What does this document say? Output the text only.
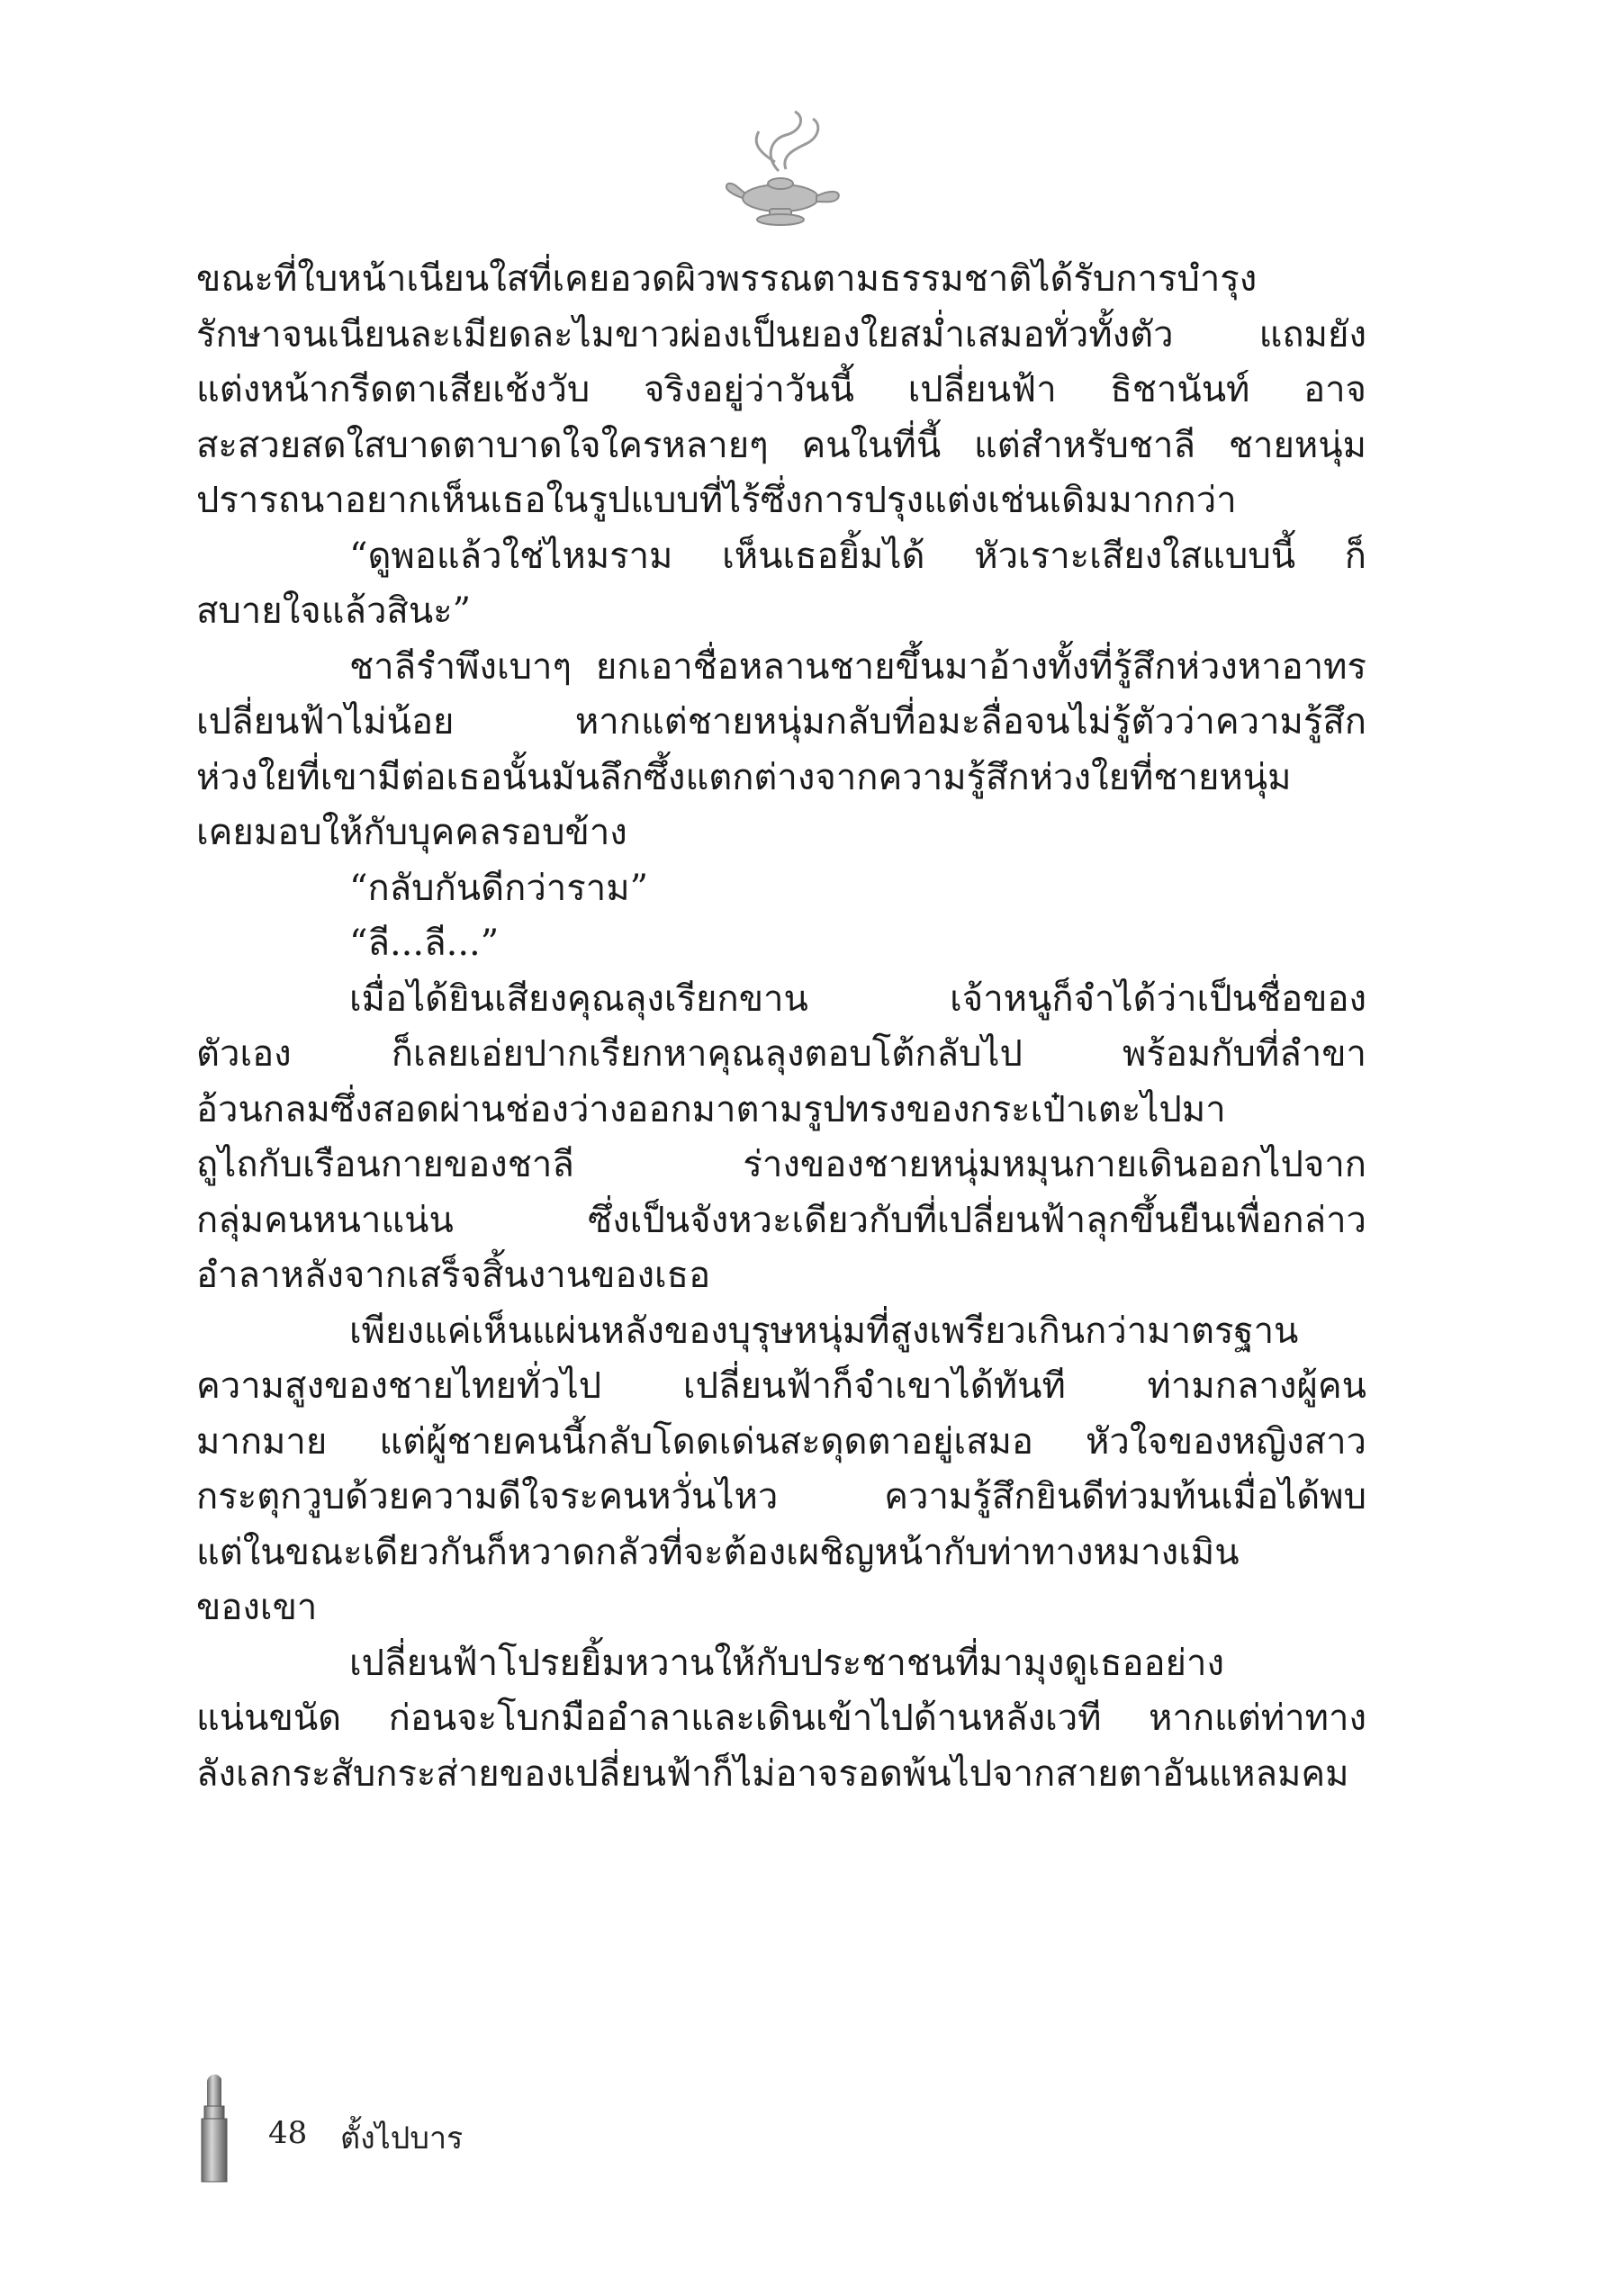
ขณะที่ใบหน้าเนียนใสที่เคยอวดผิวพรรณตามธรรมชาติได้รับการบำรุง
รักษาจนเนียนละเมียดละไมขาวผ่องเป็นยองใยสม่ำเสมอทั่วทั้งตัว แถมยัง
แต่งหน้ากรีดตาเสียเช้งวับ จริงอยู่ว่าวันนี้ เปลี่ยนฟ้า ธิชานันท์ อาจ
สะสวยสดใสบาดตาบาดใจใครหลายๆ คนในที่นี้ แต่สำหรับชาลี ชายหนุ่ม
ปรารถนาอยากเห็นเธอในรูปแบบที่ไร้ซึ่งการปรุงแต่งเช่นเดิมมากกว่า
“ดูพอแล้วใช่ไหมราม เห็นเธอยิ้มได้ หัวเราะเสียงใสแบบนี้ ก็
สบายใจแล้วสินะ”
ชาลีรำพึงเบาๆ ยกเอาชื่อหลานชายขึ้นมาอ้างทั้งที่รู้สึกห่วงหาอาทร
เปลี่ยนฟ้าไม่น้อย หากแต่ชายหนุ่มกลับที่อมะลื่อจนไม่รู้ตัวว่าความรู้สึก
ห่วงใยที่เขามีต่อเธอนั้นมันลึกซึ้งแตกต่างจากความรู้สึกห่วงใยที่ชายหนุ่ม
เคยมอบให้กับบุคคลรอบข้าง
“กลับกันดีกว่าราม”
“ลี...ลี...”
เมื่อได้ยินเสียงคุณลุงเรียกขาน เจ้าหนูก็จำได้ว่าเป็นชื่อของ
ตัวเอง ก็เลยเอ่ยปากเรียกหาคุณลุงตอบโต้กลับไป พร้อมกับที่ลำขา
อ้วนกลมซึ่งสอดผ่านช่องว่างออกมาตามรูปทรงของกระเป๋าเตะไปมา
ถูไถกับเรือนกายของชาลี ร่างของชายหนุ่มหมุนกายเดินออกไปจาก
กลุ่มคนหนาแน่น ซึ่งเป็นจังหวะเดียวกับที่เปลี่ยนฟ้าลุกขึ้นยืนเพื่อกล่าว
อำลาหลังจากเสร็จสิ้นงานของเธอ
เพียงแค่เห็นแผ่นหลังของบุรุษหนุ่มที่สูงเพรียวเกินกว่ามาตรฐาน
ความสูงของชายไทยทั่วไป เปลี่ยนฟ้าก็จำเขาได้ทันที ท่ามกลางผู้คน
มากมาย แต่ผู้ชายคนนี้กลับโดดเด่นสะดุดตาอยู่เสมอ หัวใจของหญิงสาว
กระตุกวูบด้วยความดีใจระคนหวั่นไหว ความรู้สึกยินดีท่วมท้นเมื่อได้พบ
แต่ในขณะเดียวกันก็หวาดกลัวที่จะต้องเผชิญหน้ากับท่าทางหมางเมิน
ของเขา
เปลี่ยนฟ้าโปรยยิ้มหวานให้กับประชาชนที่มามุงดูเธออย่าง
แน่นขนัด ก่อนจะโบกมืออำลาและเดินเข้าไปด้านหลังเวที หากแต่ท่าทาง
ลังเลกระสับกระส่ายของเปลี่ยนฟ้าก็ไม่อาจรอดพ้นไปจากสายตาอันแหลมคม
48 ตั้งไปบาร
